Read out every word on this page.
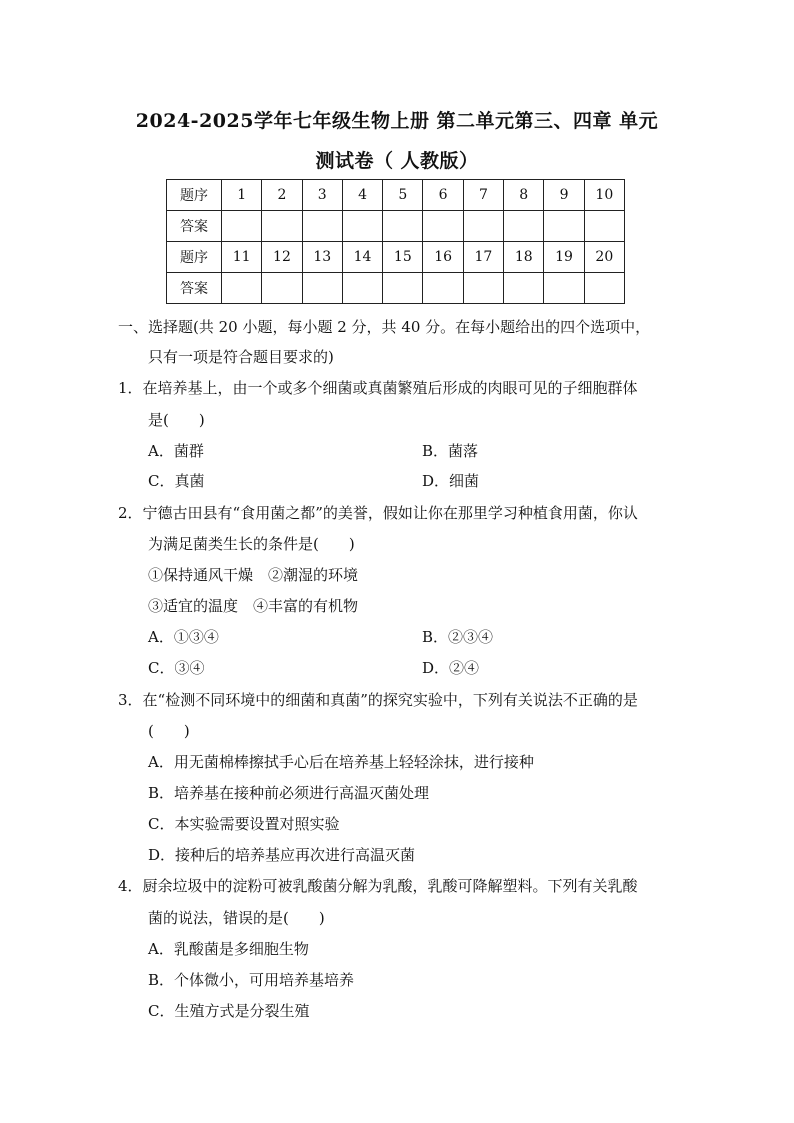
2024-2025学年七年级生物上册 第二单元第三、四章 单元
测试卷（ 人教版）
题序	1	2	3	4	5	6	7	8	9	10
答案										
题序	11	12	13	14	15	16	17	18	19	20
答案										
一、选择题(共 20 小题，每小题 2 分，共 40 分。在每小题给出的四个选项中，
只有一项是符合题目要求的)
1．在培养基上，由一个或多个细菌或真菌繁殖后形成的肉眼可见的子细胞群体
是(　　)
A．菌群	B．菌落
C．真菌	D．细菌
2．宁德古田县有“食用菌之都”的美誉，假如让你在那里学习种植食用菌，你认
为满足菌类生长的条件是(　　)
①保持通风干燥　②潮湿的环境
③适宜的温度　④丰富的有机物
A．①③④	B．②③④
C．③④	D．②④
3．在“检测不同环境中的细菌和真菌”的探究实验中，下列有关说法不正确的是
(　　)
A．用无菌棉棒擦拭手心后在培养基上轻轻涂抹，进行接种
B．培养基在接种前必须进行高温灭菌处理
C．本实验需要设置对照实验
D．接种后的培养基应再次进行高温灭菌
4．厨余垃圾中的淀粉可被乳酸菌分解为乳酸，乳酸可降解塑料。下列有关乳酸
菌的说法，错误的是(　　)
A．乳酸菌是多细胞生物
B．个体微小，可用培养基培养
C．生殖方式是分裂生殖
